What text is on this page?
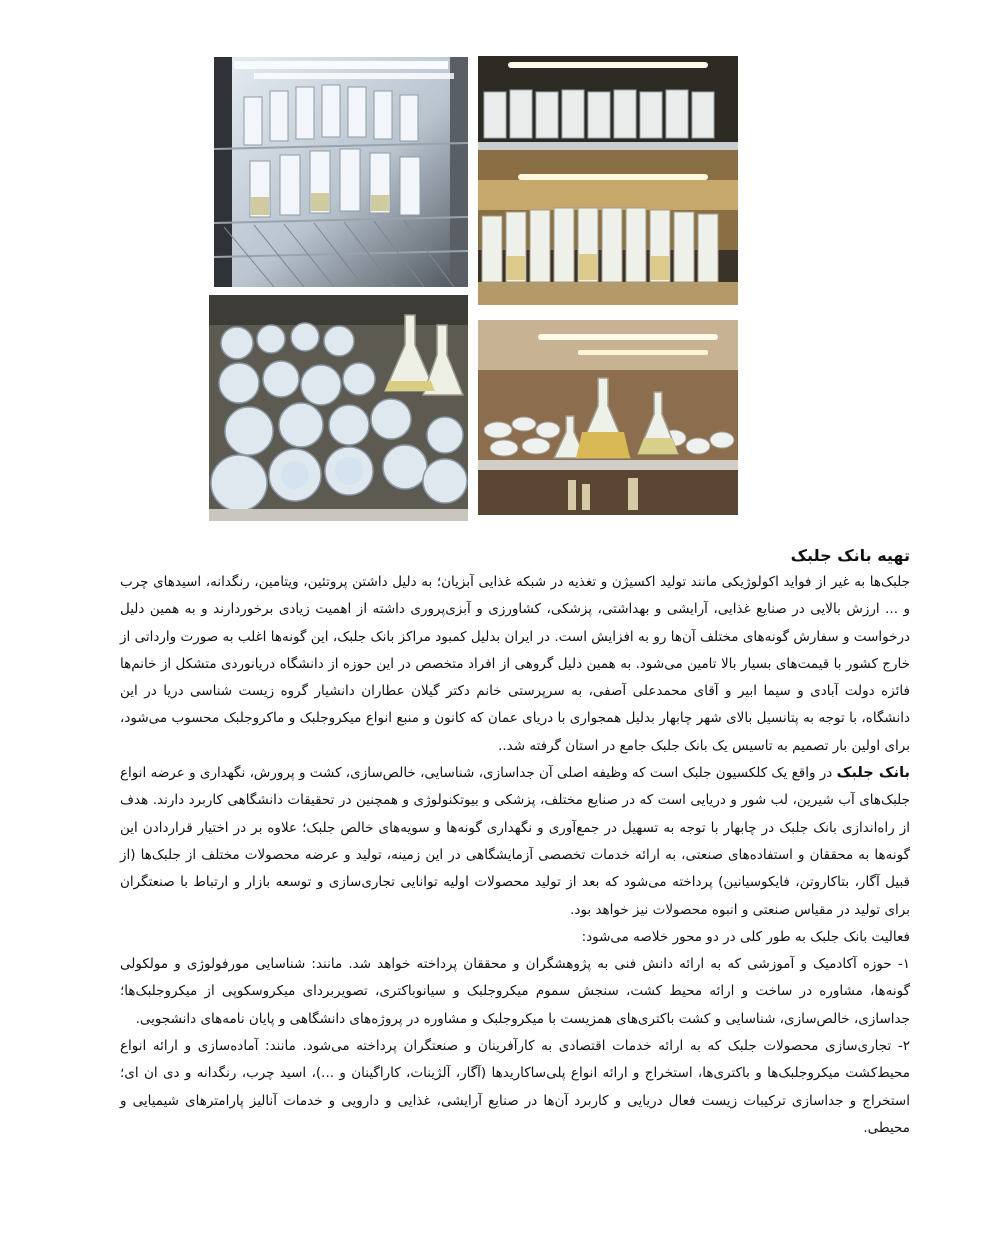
تهیه بانک جلبک

جلبک‌ها به غیر از فواید اکولوژیکی مانند تولید اکسیژن و تغذیه در شبکه غذایی آبزیان؛ به دلیل داشتن پروتئین، ویتامین، رنگدانه، اسیدهای چرب و ... ارزش بالایی در صنایع غذایی، آرایشی و بهداشتی، پزشکی، کشاورزی و آبزی‌پروری داشته از اهمیت زیادی برخوردارند و به همین دلیل درخواست و سفارش گونه‌های مختلف آن‌ها رو به افزایش است. در ایران بدلیل کمبود مراکز بانک جلبک، این گونه‌ها اغلب به صورت وارداتی از خارج کشور با قیمت‌های بسیار بالا تامین می‌شود. به همین دلیل گروهی از افراد متخصص در این حوزه از دانشگاه دریانوردی متشکل از خانم‌ها فائزه دولت آبادی و سیما ابیر و آقای محمدعلی آصفی، به سرپرستی خانم دکتر گیلان عطاران دانشیار گروه زیست شناسی دریا در این دانشگاه، با توجه به پتانسیل بالای شهر چابهار بدلیل همجواری با دریای عمان که کانون و منبع انواع میکروجلبک و ماکروجلبک محسوب می‌شود، برای اولین بار تصمیم به تاسیس یک بانک جلبک جامع در استان گرفته شد..

بانک جلبک در واقع یک کلکسیون جلبک است که وظیفه اصلی آن جداسازی، شناسایی، خالص‌سازی، کشت و پرورش، نگهداری و عرضه انواع جلبک‌های آب شیرین، لب شور و دریایی است که در صنایع مختلف، پزشکی و بیوتکنولوژی و همچنین در تحقیقات دانشگاهی کاربرد دارند. هدف از راه‌اندازی بانک جلبک در چابهار با توجه به تسهیل در جمع‌آوری و نگهداری گونه‌ها و سویه‌های خالص جلبک؛ علاوه بر در اختیار قراردادن این گونه‌ها به محققان و استفاده‌های صنعتی، به ارائه خدمات تخصصی آزمایشگاهی در این زمینه، تولید و عرضه محصولات مختلف از جلبک‌ها (از قبیل آگار، بتاکاروتن، فایکوسیانین) پرداخته می‌شود که بعد از تولید محصولات اولیه توانایی تجاری‌سازی و توسعه بازار و ارتباط با صنعتگران برای تولید در مقیاس صنعتی و انبوه محصولات نیز خواهد بود.

فعالیت بانک جلبک به طور کلی در دو محور خلاصه می‌شود:

۱- حوزه آکادمیک و آموزشی که به ارائه دانش فنی به پژوهشگران و محققان پرداخته خواهد شد. مانند: شناسایی مورفولوژی و مولکولی گونه‌ها، مشاوره در ساخت و ارائه محیط کشت، سنجش سموم میکروجلبک و سیانوباکتری، تصویربردای میکروسکوپی از میکروجلبک‌ها؛ جداسازی، خالص‌سازی، شناسایی و کشت باکتری‌های همزیست با میکروجلبک و مشاوره در پروژه‌های دانشگاهی و پایان نامه‌های دانشجویی.

۲- تجاری‌سازی محصولات جلبک که به ارائه خدمات اقتصادی به کارآفرینان و صنعتگران پرداخته می‌شود. مانند: آماده‌سازی و ارائه انواع محیط‌کشت میکروجلبک‌ها و باکتری‌ها، استخراج و ارائه انواع پلی‌ساکاریدها (آگار، آلژینات، کاراگینان و ...)، اسید چرب، رنگدانه و دی ان ای؛ استخراج و جداسازی ترکیبات زیست فعال دریایی و کاربرد آن‌ها در صنایع آرایشی، غذایی و دارویی و خدمات آنالیز پارامترهای شیمیایی و محیطی.
